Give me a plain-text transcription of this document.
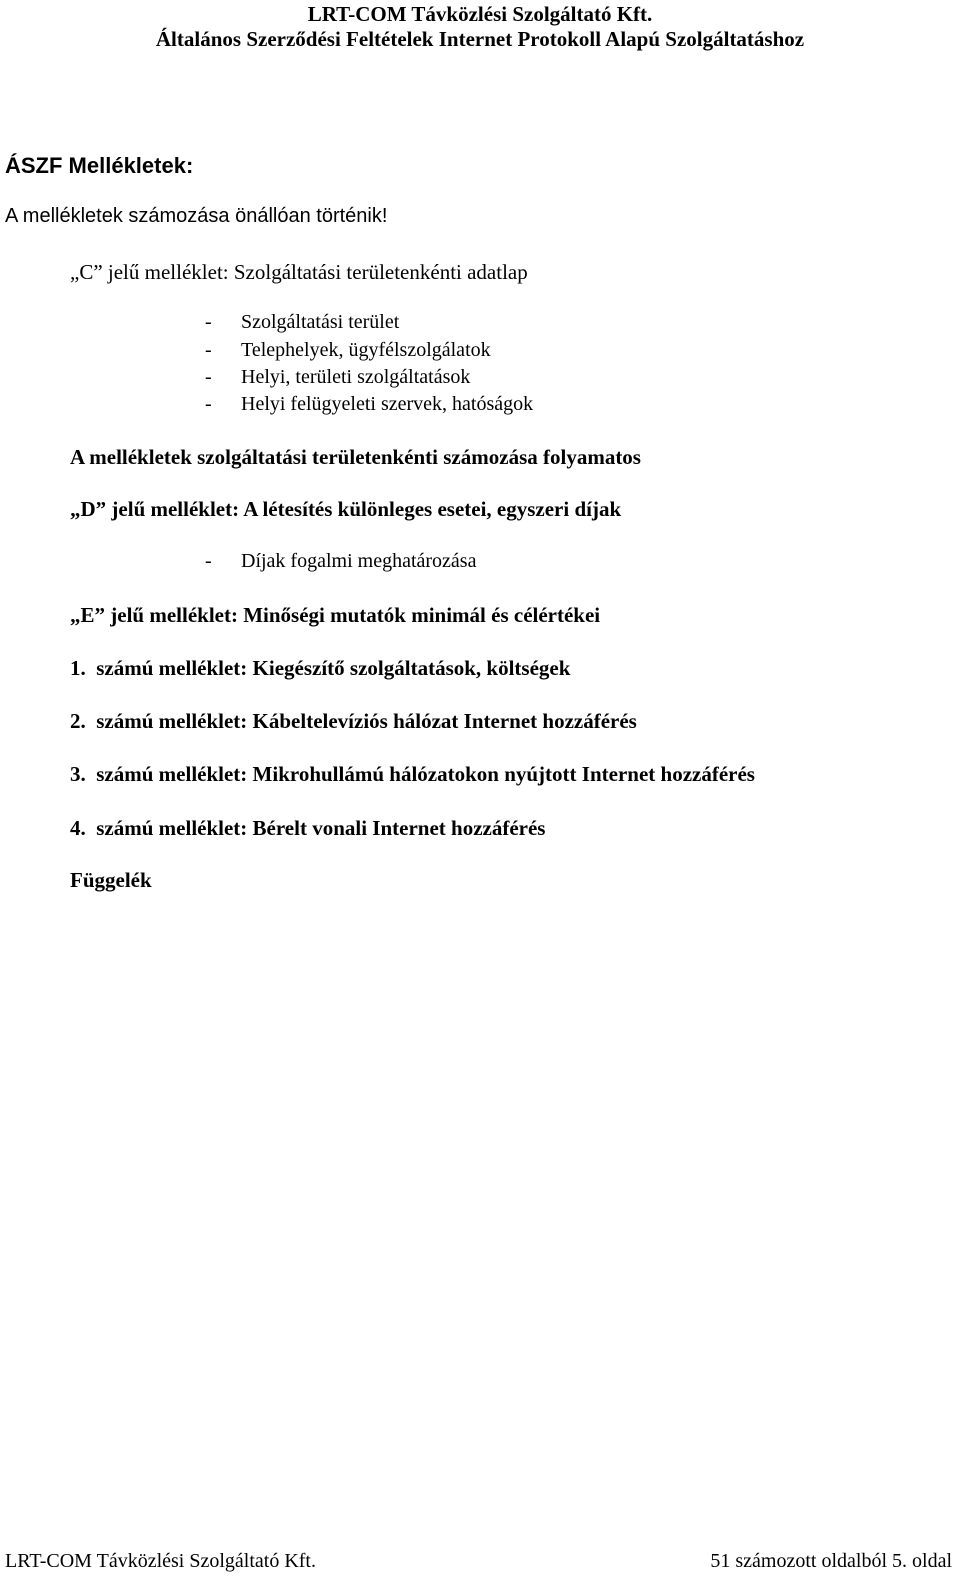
LRT-COM Távközlési Szolgáltató Kft.
Általános Szerződési Feltételek Internet Protokoll Alapú Szolgáltatáshoz
ÁSZF Mellékletek:

A mellékletek számozása önállóan történik!

„C” jelű melléklet: Szolgáltatási területenkénti adatlap
- Szolgáltatási terület
- Telephelyek, ügyfélszolgálatok
- Helyi, területi szolgáltatások
- Helyi felügyeleti szervek, hatóságok
A mellékletek szolgáltatási területenkénti számozása folyamatos
„D” jelű melléklet: A létesítés különleges esetei, egyszeri díjak
- Díjak fogalmi meghatározása
„E” jelű melléklet: Minőségi mutatók minimál és célértékei
1.  számú melléklet: Kiegészítő szolgáltatások, költségek
2.  számú melléklet: Kábeltelevíziós hálózat Internet hozzáférés
3.  számú melléklet: Mikrohullámú hálózatokon nyújtott Internet hozzáférés
4.  számú melléklet: Bérelt vonali Internet hozzáférés
Függelék
LRT-COM Távközlési Szolgáltató Kft.	51 számozott oldalból 5. oldal
